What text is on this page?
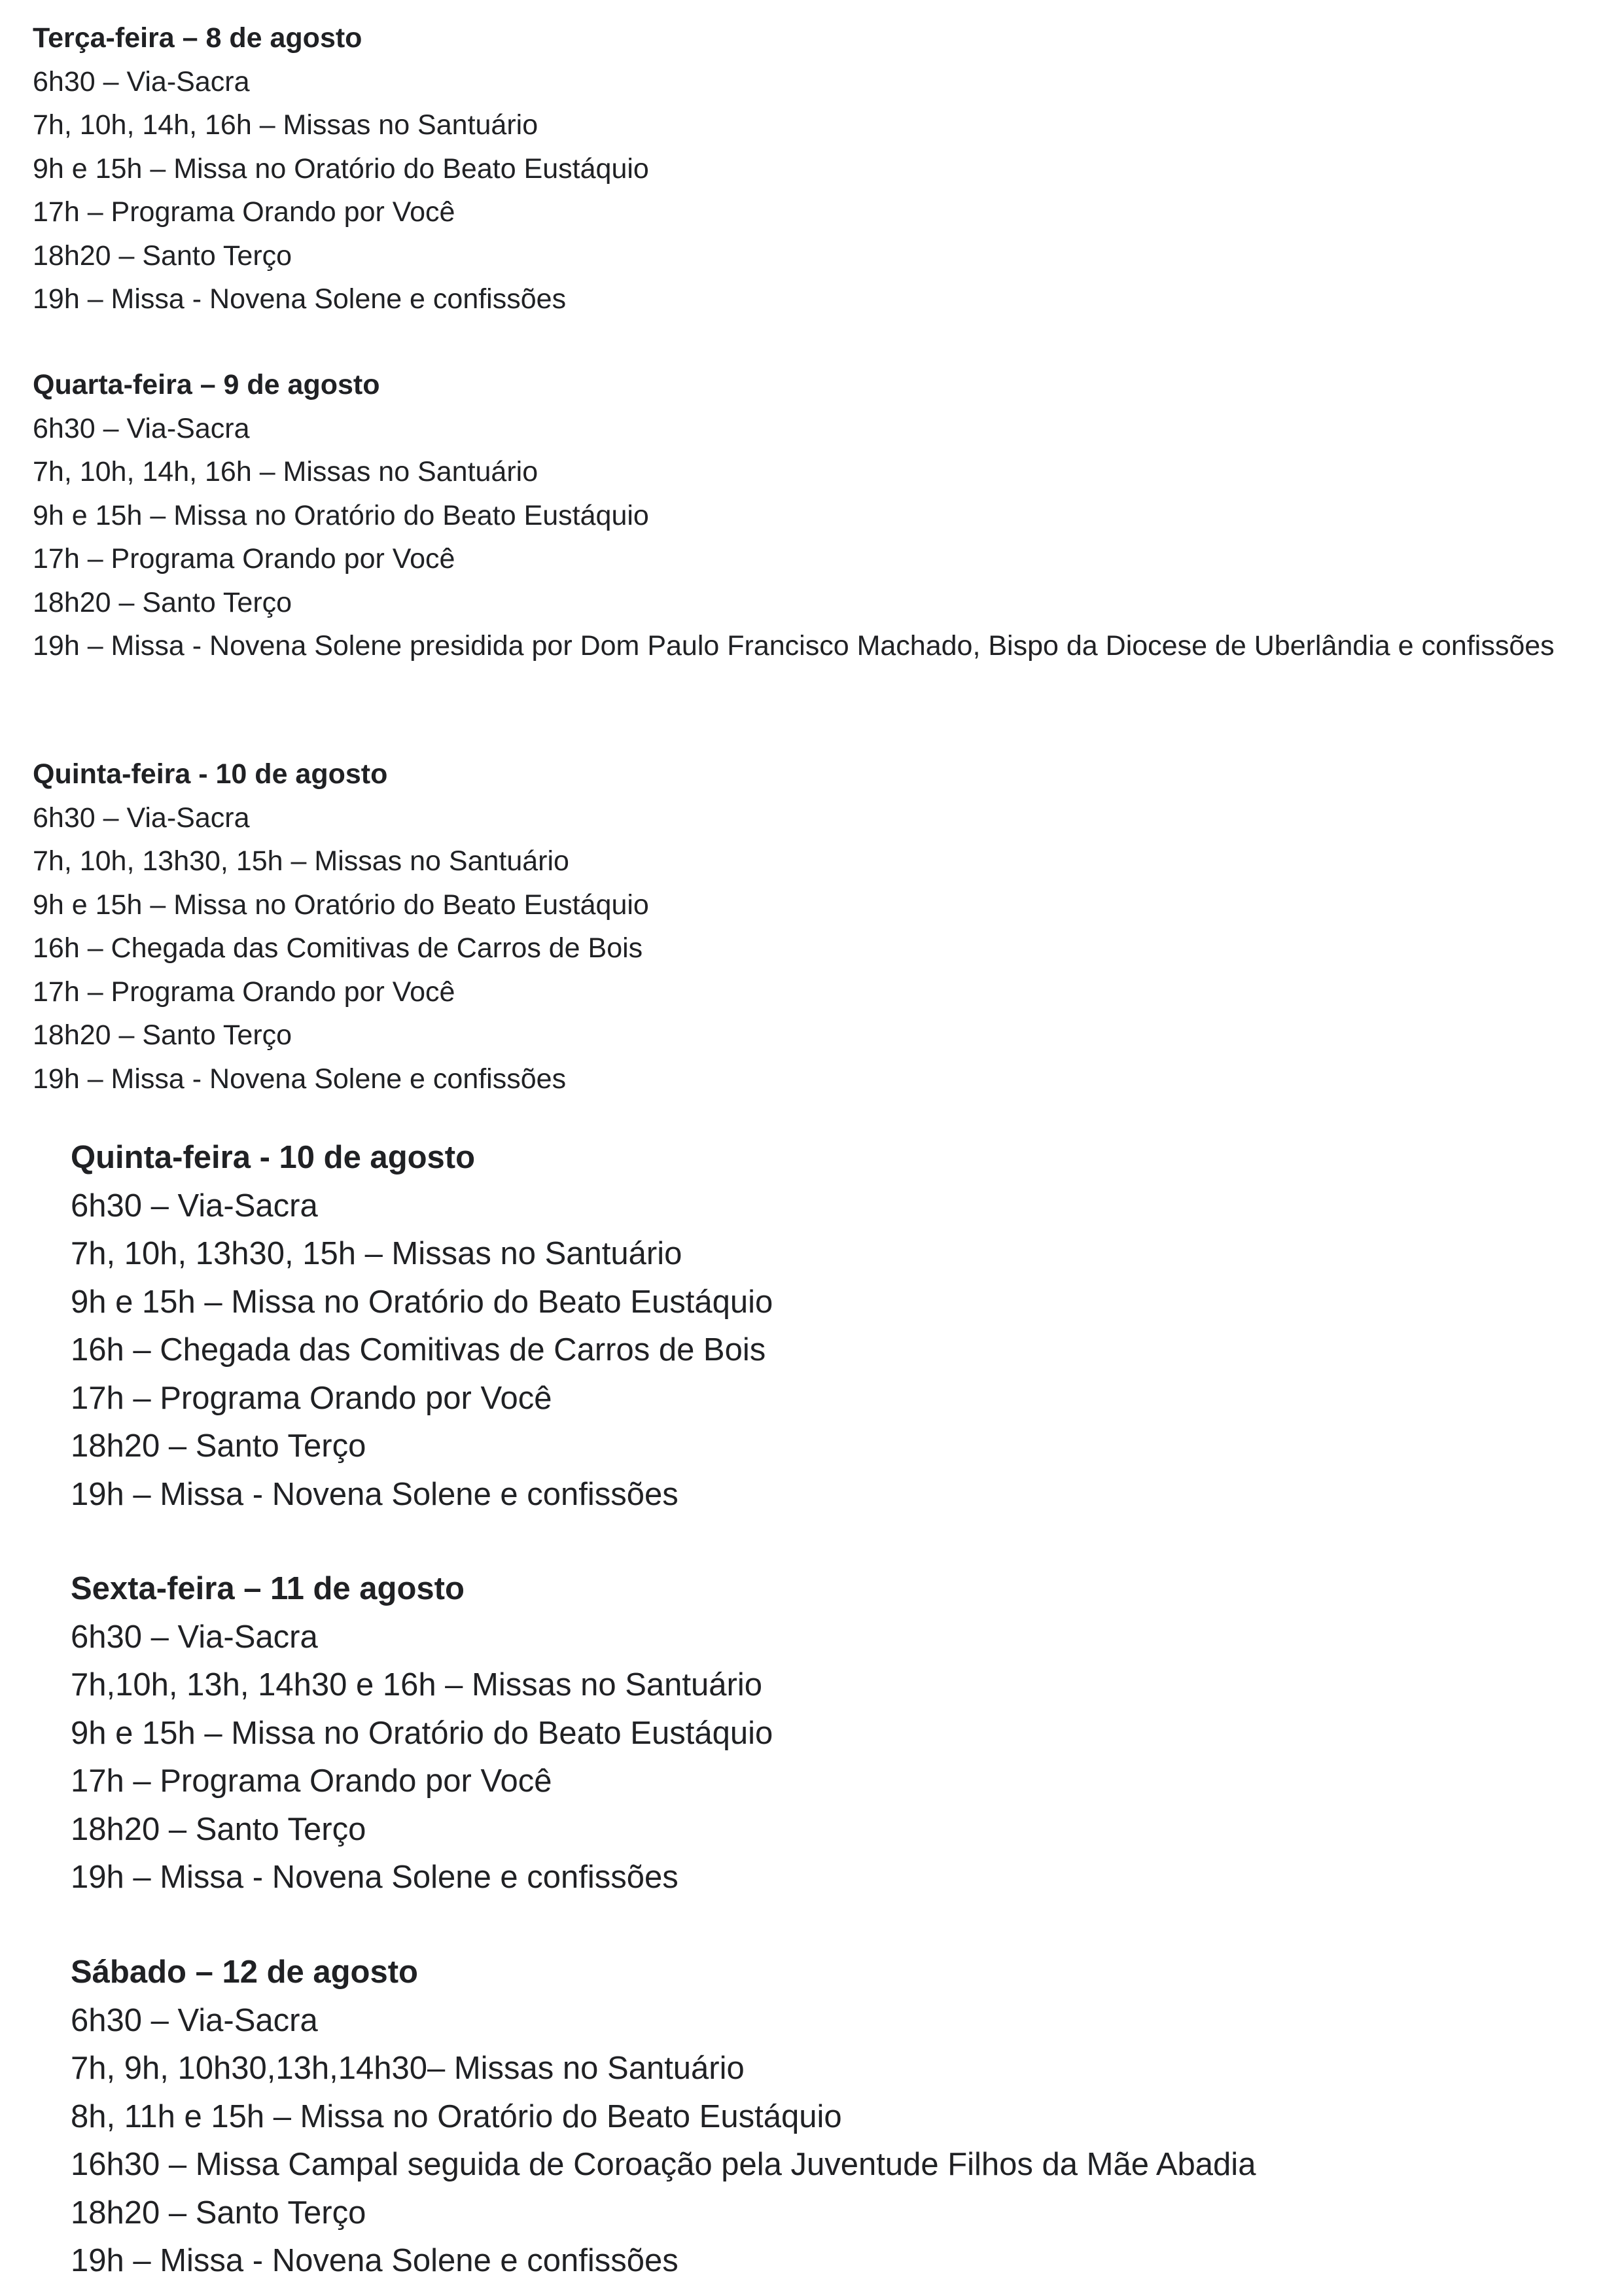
Terça-feira – 8 de agosto

6h30 – Via-Sacra

7h, 10h, 14h, 16h – Missas no Santuário

9h e 15h – Missa no Oratório do Beato Eustáquio

17h – Programa Orando por Você

18h20 – Santo Terço

19h – Missa - Novena Solene e confissões

Quarta-feira – 9 de agosto

6h30 – Via-Sacra

7h, 10h, 14h, 16h – Missas no Santuário

9h e 15h – Missa no Oratório do Beato Eustáquio

17h – Programa Orando por Você

18h20 – Santo Terço

19h – Missa - Novena Solene presidida por Dom Paulo Francisco Machado, Bispo da Diocese de Uberlândia e confissões

Quinta-feira - 10 de agosto

6h30 – Via-Sacra

7h, 10h, 13h30, 15h – Missas no Santuário

9h e 15h – Missa no Oratório do Beato Eustáquio

16h – Chegada das Comitivas de Carros de Bois

17h – Programa Orando por Você

18h20 – Santo Terço

19h – Missa - Novena Solene e confissões

Quinta-feira - 10 de agosto

6h30 – Via-Sacra

7h, 10h, 13h30, 15h – Missas no Santuário

9h e 15h – Missa no Oratório do Beato Eustáquio

16h – Chegada das Comitivas de Carros de Bois

17h – Programa Orando por Você

18h20 – Santo Terço

19h – Missa - Novena Solene e confissões

Sexta-feira – 11 de agosto

6h30 – Via-Sacra

7h,10h, 13h, 14h30 e 16h – Missas no Santuário

9h e 15h – Missa no Oratório do Beato Eustáquio

17h – Programa Orando por Você

18h20 – Santo Terço

19h – Missa - Novena Solene e confissões

Sábado – 12 de agosto

6h30 – Via-Sacra

7h, 9h, 10h30,13h,14h30– Missas no Santuário

8h, 11h e 15h – Missa no Oratório do Beato Eustáquio

16h30 – Missa Campal seguida de Coroação pela Juventude Filhos da Mãe Abadia

18h20 – Santo Terço

19h – Missa - Novena Solene e confissões
